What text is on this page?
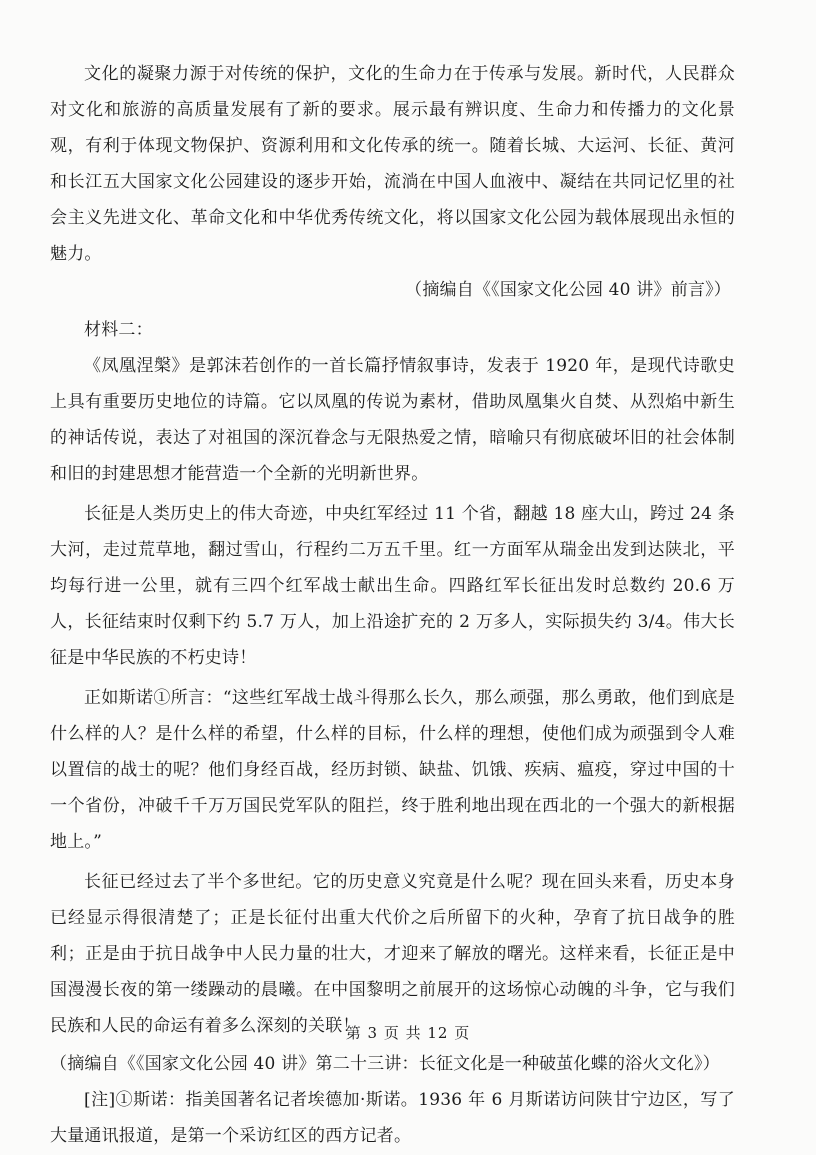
文化的凝聚力源于对传统的保护，文化的生命力在于传承与发展。新时代，人民群众对文化和旅游的高质量发展有了新的要求。展示最有辨识度、生命力和传播力的文化景观，有利于体现文物保护、资源利用和文化传承的统一。随着长城、大运河、长征、黄河和长江五大国家文化公园建设的逐步开始，流淌在中国人血液中、凝结在共同记忆里的社会主义先进文化、革命文化和中华优秀传统文化，将以国家文化公园为载体展现出永恒的魅力。

（摘编自《《国家文化公园 40 讲》前言》）

材料二：

《凤凰涅槃》是郭沫若创作的一首长篇抒情叙事诗，发表于 1920 年，是现代诗歌史上具有重要历史地位的诗篇。它以凤凰的传说为素材，借助凤凰集火自焚、从烈焰中新生的神话传说，表达了对祖国的深沉眷念与无限热爱之情，暗喻只有彻底破坏旧的社会体制和旧的封建思想才能营造一个全新的光明新世界。

长征是人类历史上的伟大奇迹，中央红军经过 11 个省，翻越 18 座大山，跨过 24 条大河，走过荒草地，翻过雪山，行程约二万五千里。红一方面军从瑞金出发到达陕北，平均每行进一公里，就有三四个红军战士献出生命。四路红军长征出发时总数约 20.6 万人，长征结束时仅剩下约 5.7 万人，加上沿途扩充的 2 万多人，实际损失约 3/4。伟大长征是中华民族的不朽史诗！

正如斯诺①所言：“这些红军战士战斗得那么长久，那么顽强，那么勇敢，他们到底是什么样的人？是什么样的希望，什么样的目标，什么样的理想，使他们成为顽强到令人难以置信的战士的呢？他们身经百战，经历封锁、缺盐、饥饿、疾病、瘟疫，穿过中国的十一个省份，冲破千千万万国民党军队的阻拦，终于胜利地出现在西北的一个强大的新根据地上。”

长征已经过去了半个多世纪。它的历史意义究竟是什么呢？现在回头来看，历史本身已经显示得很清楚了；正是长征付出重大代价之后所留下的火种，孕育了抗日战争的胜利；正是由于抗日战争中人民力量的壮大，才迎来了解放的曙光。这样来看，长征正是中国漫漫长夜的第一缕躁动的晨曦。在中国黎明之前展开的这场惊心动魄的斗争，它与我们民族和人民的命运有着多么深刻的关联！

（摘编自《《国家文化公园 40 讲》第二十三讲：长征文化是一种破茧化蝶的浴火文化》）

[注]①斯诺：指美国著名记者埃德加·斯诺。1936 年 6 月斯诺访问陕甘宁边区，写了大量通讯报道，是第一个采访红区的西方记者。

第 3 页 共 12 页
